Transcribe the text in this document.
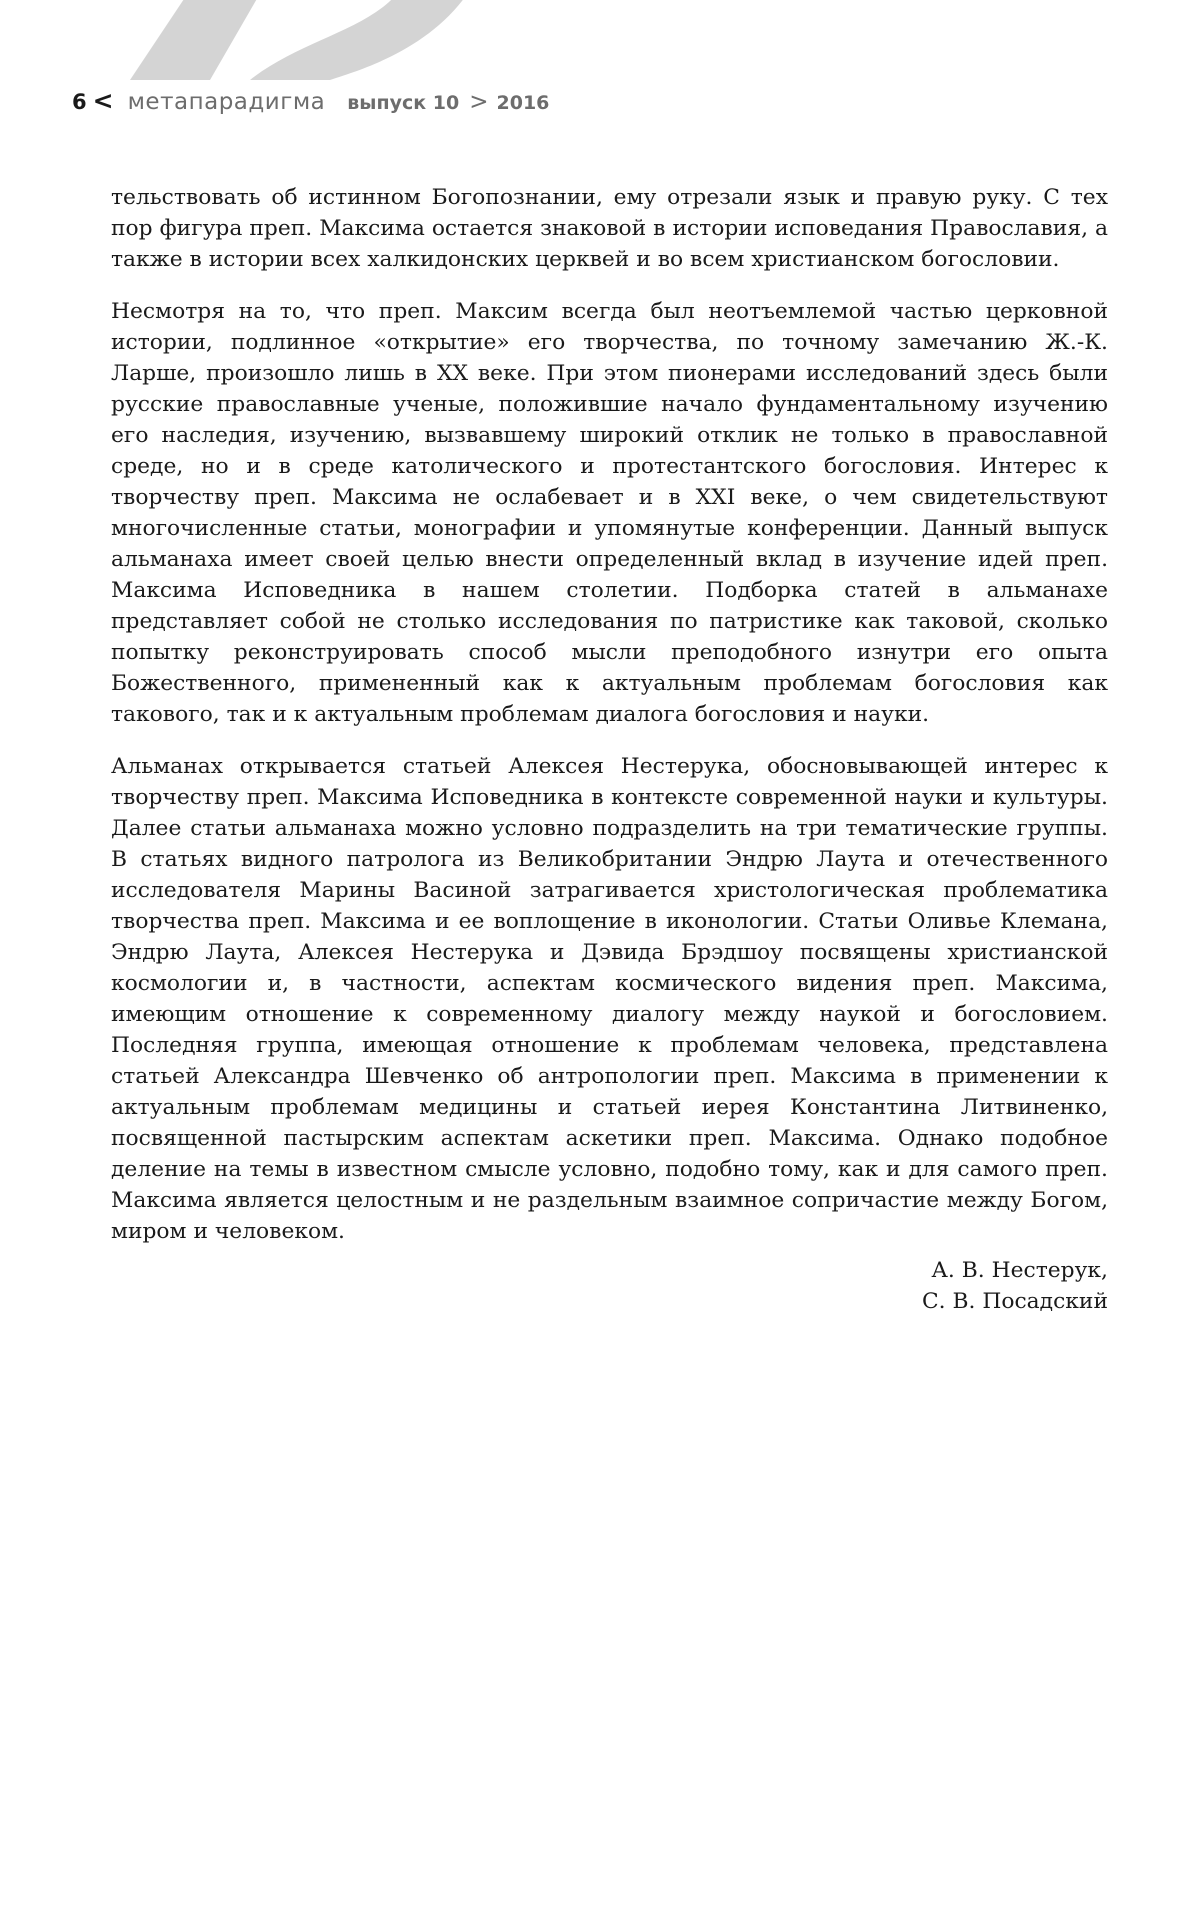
6 < метапарадигма выпуск 10 > 2016

тельствовать об истинном Богопознании, ему отрезали язык и правую руку. С тех пор фигура преп. Максима остается знаковой в истории исповедания Православия, а также в истории всех халкидонских церквей и во всем христианском богословии.

Несмотря на то, что преп. Максим всегда был неотъемлемой частью церковной истории, подлинное «открытие» его творчества, по точному замечанию Ж.-К. Ларше, произошло лишь в XX веке. При этом пионерами исследований здесь были русские православные ученые, положившие начало фундаментальному изучению его наследия, изучению, вызвавшему широкий отклик не только в православной среде, но и в среде католического и протестантского богословия. Интерес к творчеству преп. Максима не ослабевает и в XXI веке, о чем свидетельствуют многочисленные статьи, монографии и упомянутые конференции. Данный выпуск альманаха имеет своей целью внести определенный вклад в изучение идей преп. Максима Исповедника в нашем столетии. Подборка статей в альманахе представляет собой не столько исследования по патристике как таковой, сколько попытку реконструировать способ мысли преподобного изнутри его опыта Божественного, примененный как к актуальным проблемам богословия как такового, так и к актуальным проблемам диалога богословия и науки.

Альманах открывается статьей Алексея Нестерука, обосновывающей интерес к творчеству преп. Максима Исповедника в контексте современной науки и культуры. Далее статьи альманаха можно условно подразделить на три тематические группы. В статьях видного патролога из Великобритании Эндрю Лаута и отечественного исследователя Марины Васиной затрагивается христологическая проблематика творчества преп. Максима и ее воплощение в иконологии. Статьи Оливье Клемана, Эндрю Лаута, Алексея Нестерука и Дэвида Брэдшоу посвящены христианской космологии и, в частности, аспектам космического видения преп. Максима, имеющим отношение к современному диалогу между наукой и богословием. Последняя группа, имеющая отношение к проблемам человека, представлена статьей Александра Шевченко об антропологии преп. Максима в применении к актуальным проблемам медицины и статьей иерея Константина Литвиненко, посвященной пастырским аспектам аскетики преп. Максима. Однако подобное деление на темы в известном смысле условно, подобно тому, как и для самого преп. Максима является целостным и не раздельным взаимное сопричастие между Богом, миром и человеком.

А. В. Нестерук,
С. В. Посадский
